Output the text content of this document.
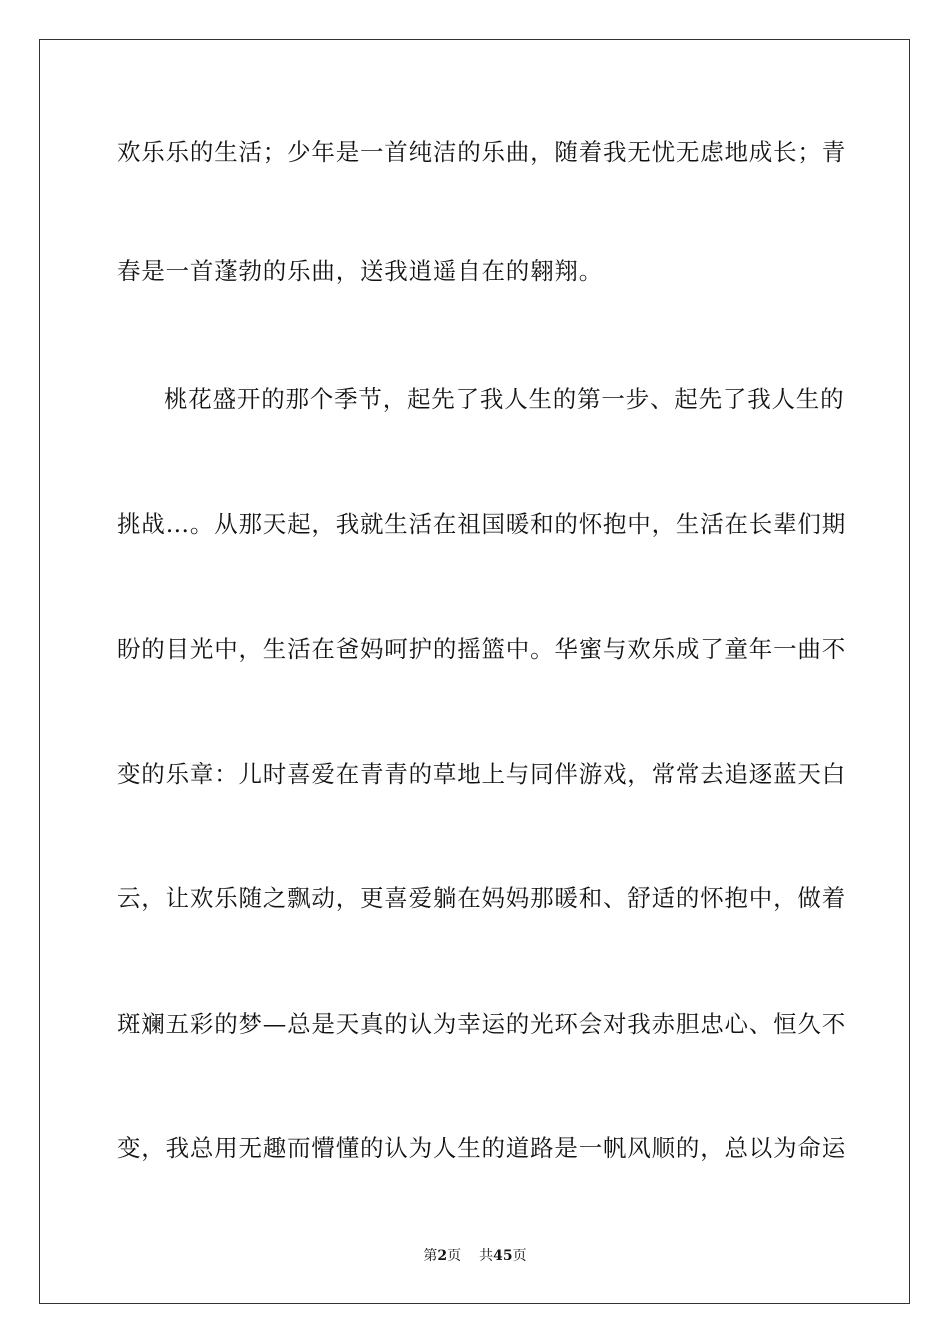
欢乐乐的生活；少年是一首纯洁的乐曲，随着我无忧无虑地成长；青
春是一首蓬勃的乐曲，送我逍遥自在的翱翔。
桃花盛开的那个季节，起先了我人生的第一步、起先了我人生的
挑战…。从那天起，我就生活在祖国暖和的怀抱中，生活在长辈们期
盼的目光中，生活在爸妈呵护的摇篮中。华蜜与欢乐成了童年一曲不
变的乐章：儿时喜爱在青青的草地上与同伴游戏，常常去追逐蓝天白
云，让欢乐随之飘动，更喜爱躺在妈妈那暖和、舒适的怀抱中，做着
斑斓五彩的梦—总是天真的认为幸运的光环会对我赤胆忠心、恒久不
变，我总用无趣而懵懂的认为人生的道路是一帆风顺的，总以为命运
第2页 共45页
